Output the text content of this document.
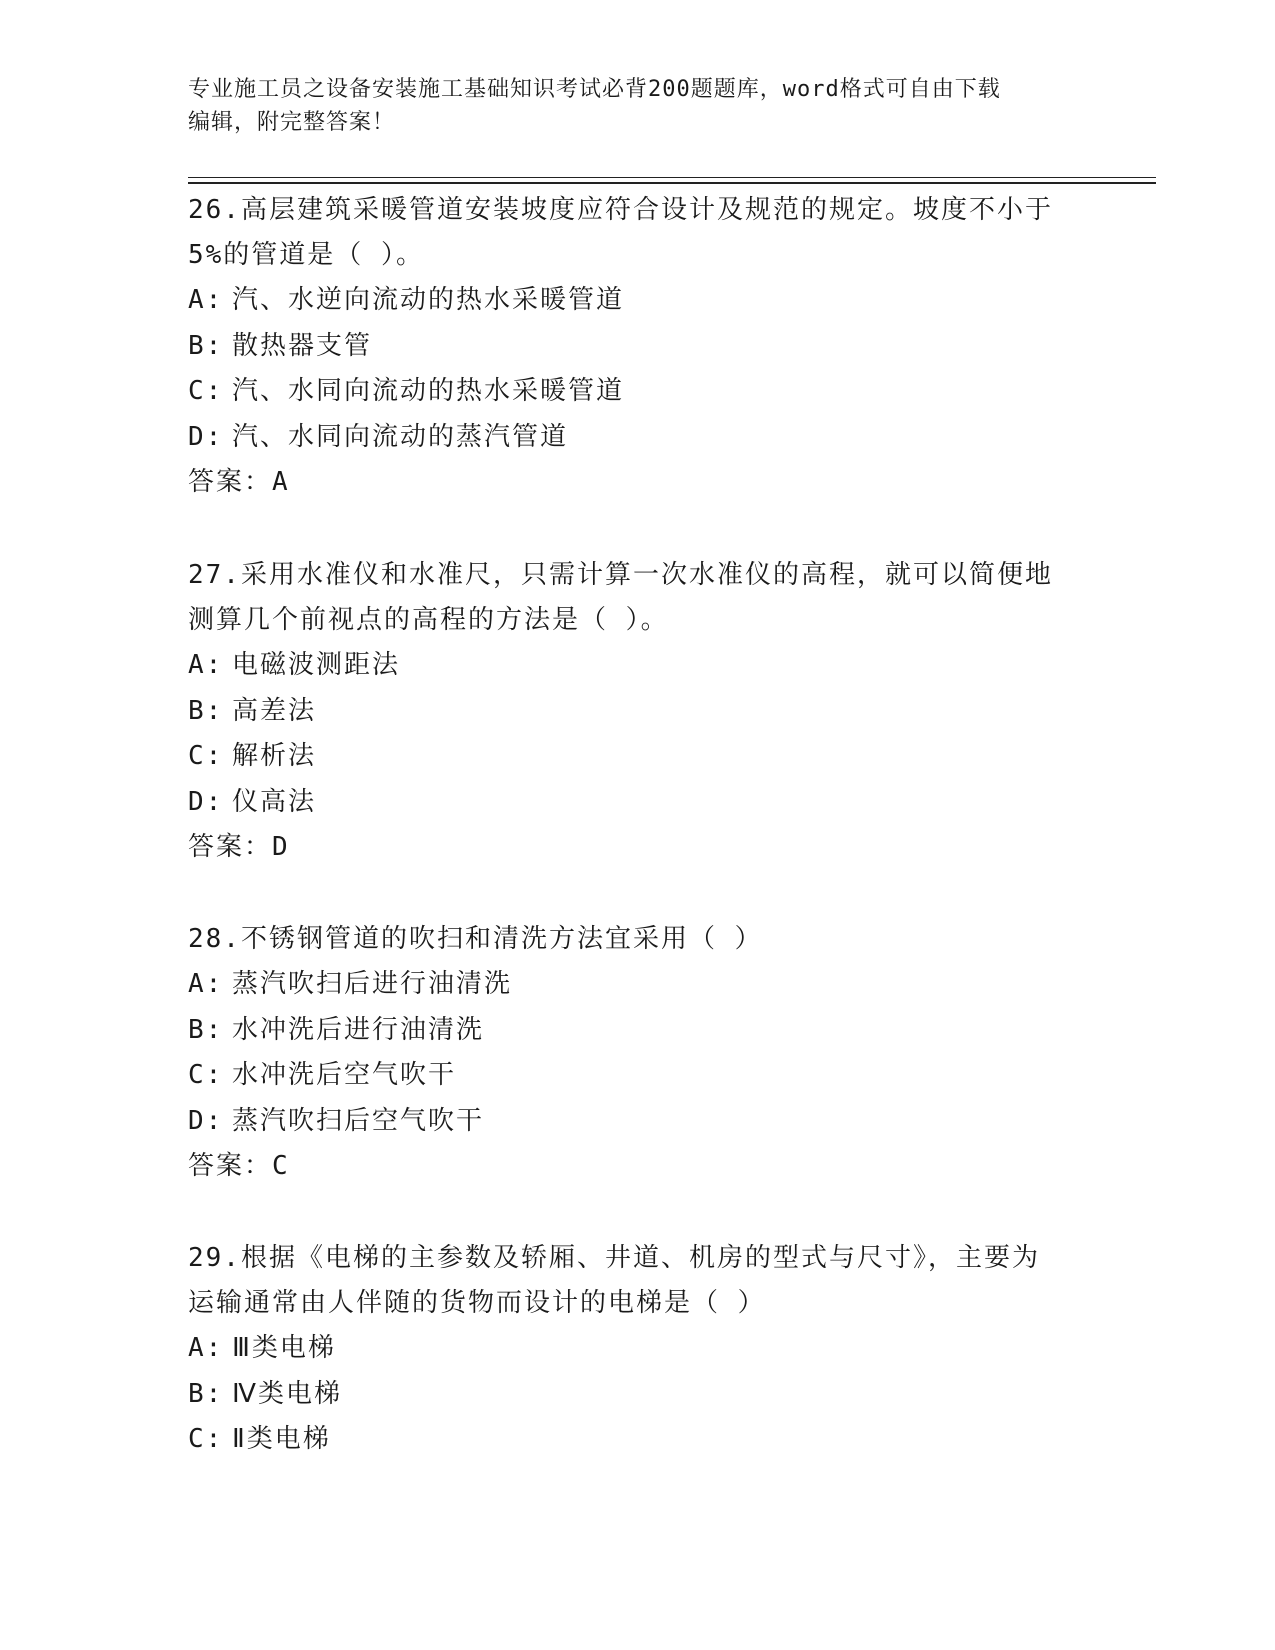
专业施工员之设备安装施工基础知识考试必背200题题库，word格式可自由下载
编辑，附完整答案！
26.高层建筑采暖管道安装坡度应符合设计及规范的规定。坡度不小于
5%的管道是（ ）。
A: 汽、水逆向流动的热水采暖管道
B: 散热器支管
C: 汽、水同向流动的热水采暖管道
D: 汽、水同向流动的蒸汽管道
答案：A
27.采用水准仪和水准尺，只需计算一次水准仪的高程，就可以简便地
测算几个前视点的高程的方法是（ ）。
A: 电磁波测距法
B: 高差法
C: 解析法
D: 仪高法
答案：D
28.不锈钢管道的吹扫和清洗方法宜采用（ ）
A: 蒸汽吹扫后进行油清洗
B: 水冲洗后进行油清洗
C: 水冲洗后空气吹干
D: 蒸汽吹扫后空气吹干
答案：C
29.根据《电梯的主参数及轿厢、井道、机房的型式与尺寸》，主要为
运输通常由人伴随的货物而设计的电梯是（ ）
A: Ⅲ类电梯
B: Ⅳ类电梯
C: Ⅱ类电梯
